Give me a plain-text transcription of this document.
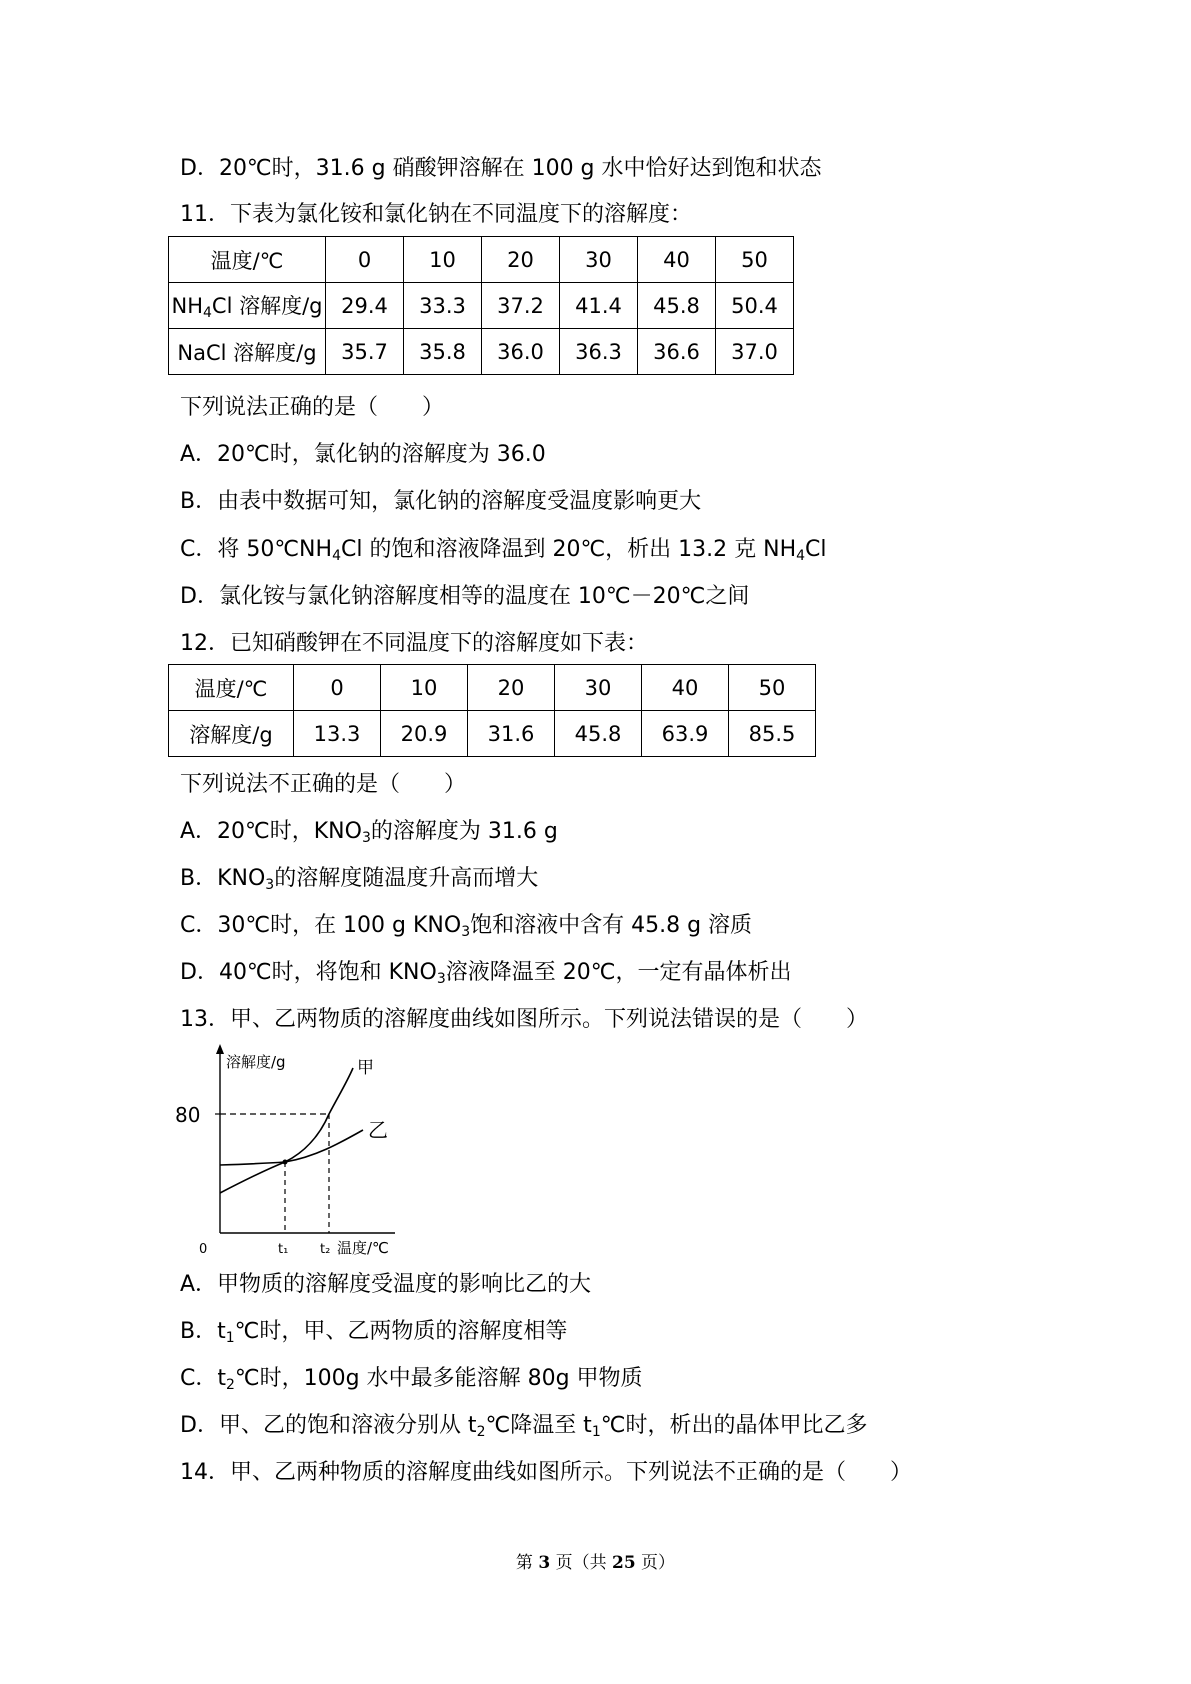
D．20℃时，31.6 g 硝酸钾溶解在 100 g 水中恰好达到饱和状态
11．下表为氯化铵和氯化钠在不同温度下的溶解度：
温度/℃	0	10	20	30	40	50
$NH_4Cl$ 溶解度/g	29.4	33.3	37.2	41.4	45.8	50.4
NaCl 溶解度/g	35.7	35.8	36.0	36.3	36.6	37.0
下列说法正确的是（　　）
A．20℃时，氯化钠的溶解度为 36.0
B．由表中数据可知，氯化钠的溶解度受温度影响更大
C．将 $50℃NH_4Cl$ 的饱和溶液降温到 20℃，析出 13.2 克 $NH_4Cl$
D．氯化铵与氯化钠溶解度相等的温度在 10℃－20℃之间
12．已知硝酸钾在不同温度下的溶解度如下表：
温度/℃	0	10	20	30	40	50
溶解度/g	13.3	20.9	31.6	45.8	63.9	85.5
下列说法不正确的是（　　）
A．20℃时，$KNO_3$的溶解度为 31.6 g
B．$KNO_3$的溶解度随温度升高而增大
C．30℃时，在 100 g $KNO_3$饱和溶液中含有 45.8 g 溶质
D．40℃时，将饱和 $KNO_3$溶液降温至 20℃，一定有晶体析出
13．甲、乙两物质的溶解度曲线如图所示。下列说法错误的是（　　）
溶解度/g
80
甲
乙
0	t₁ t₂ 温度/℃
A．甲物质的溶解度受温度的影响比乙的大
B．$t_1℃$时，甲、乙两物质的溶解度相等
C．$t_2℃$时，100g 水中最多能溶解 80g 甲物质
D．甲、乙的饱和溶液分别从 $t_2℃$降温至 $t_1℃$时，析出的晶体甲比乙多
14．甲、乙两种物质的溶解度曲线如图所示。下列说法不正确的是（　　）
第 3 页（共 25 页）
